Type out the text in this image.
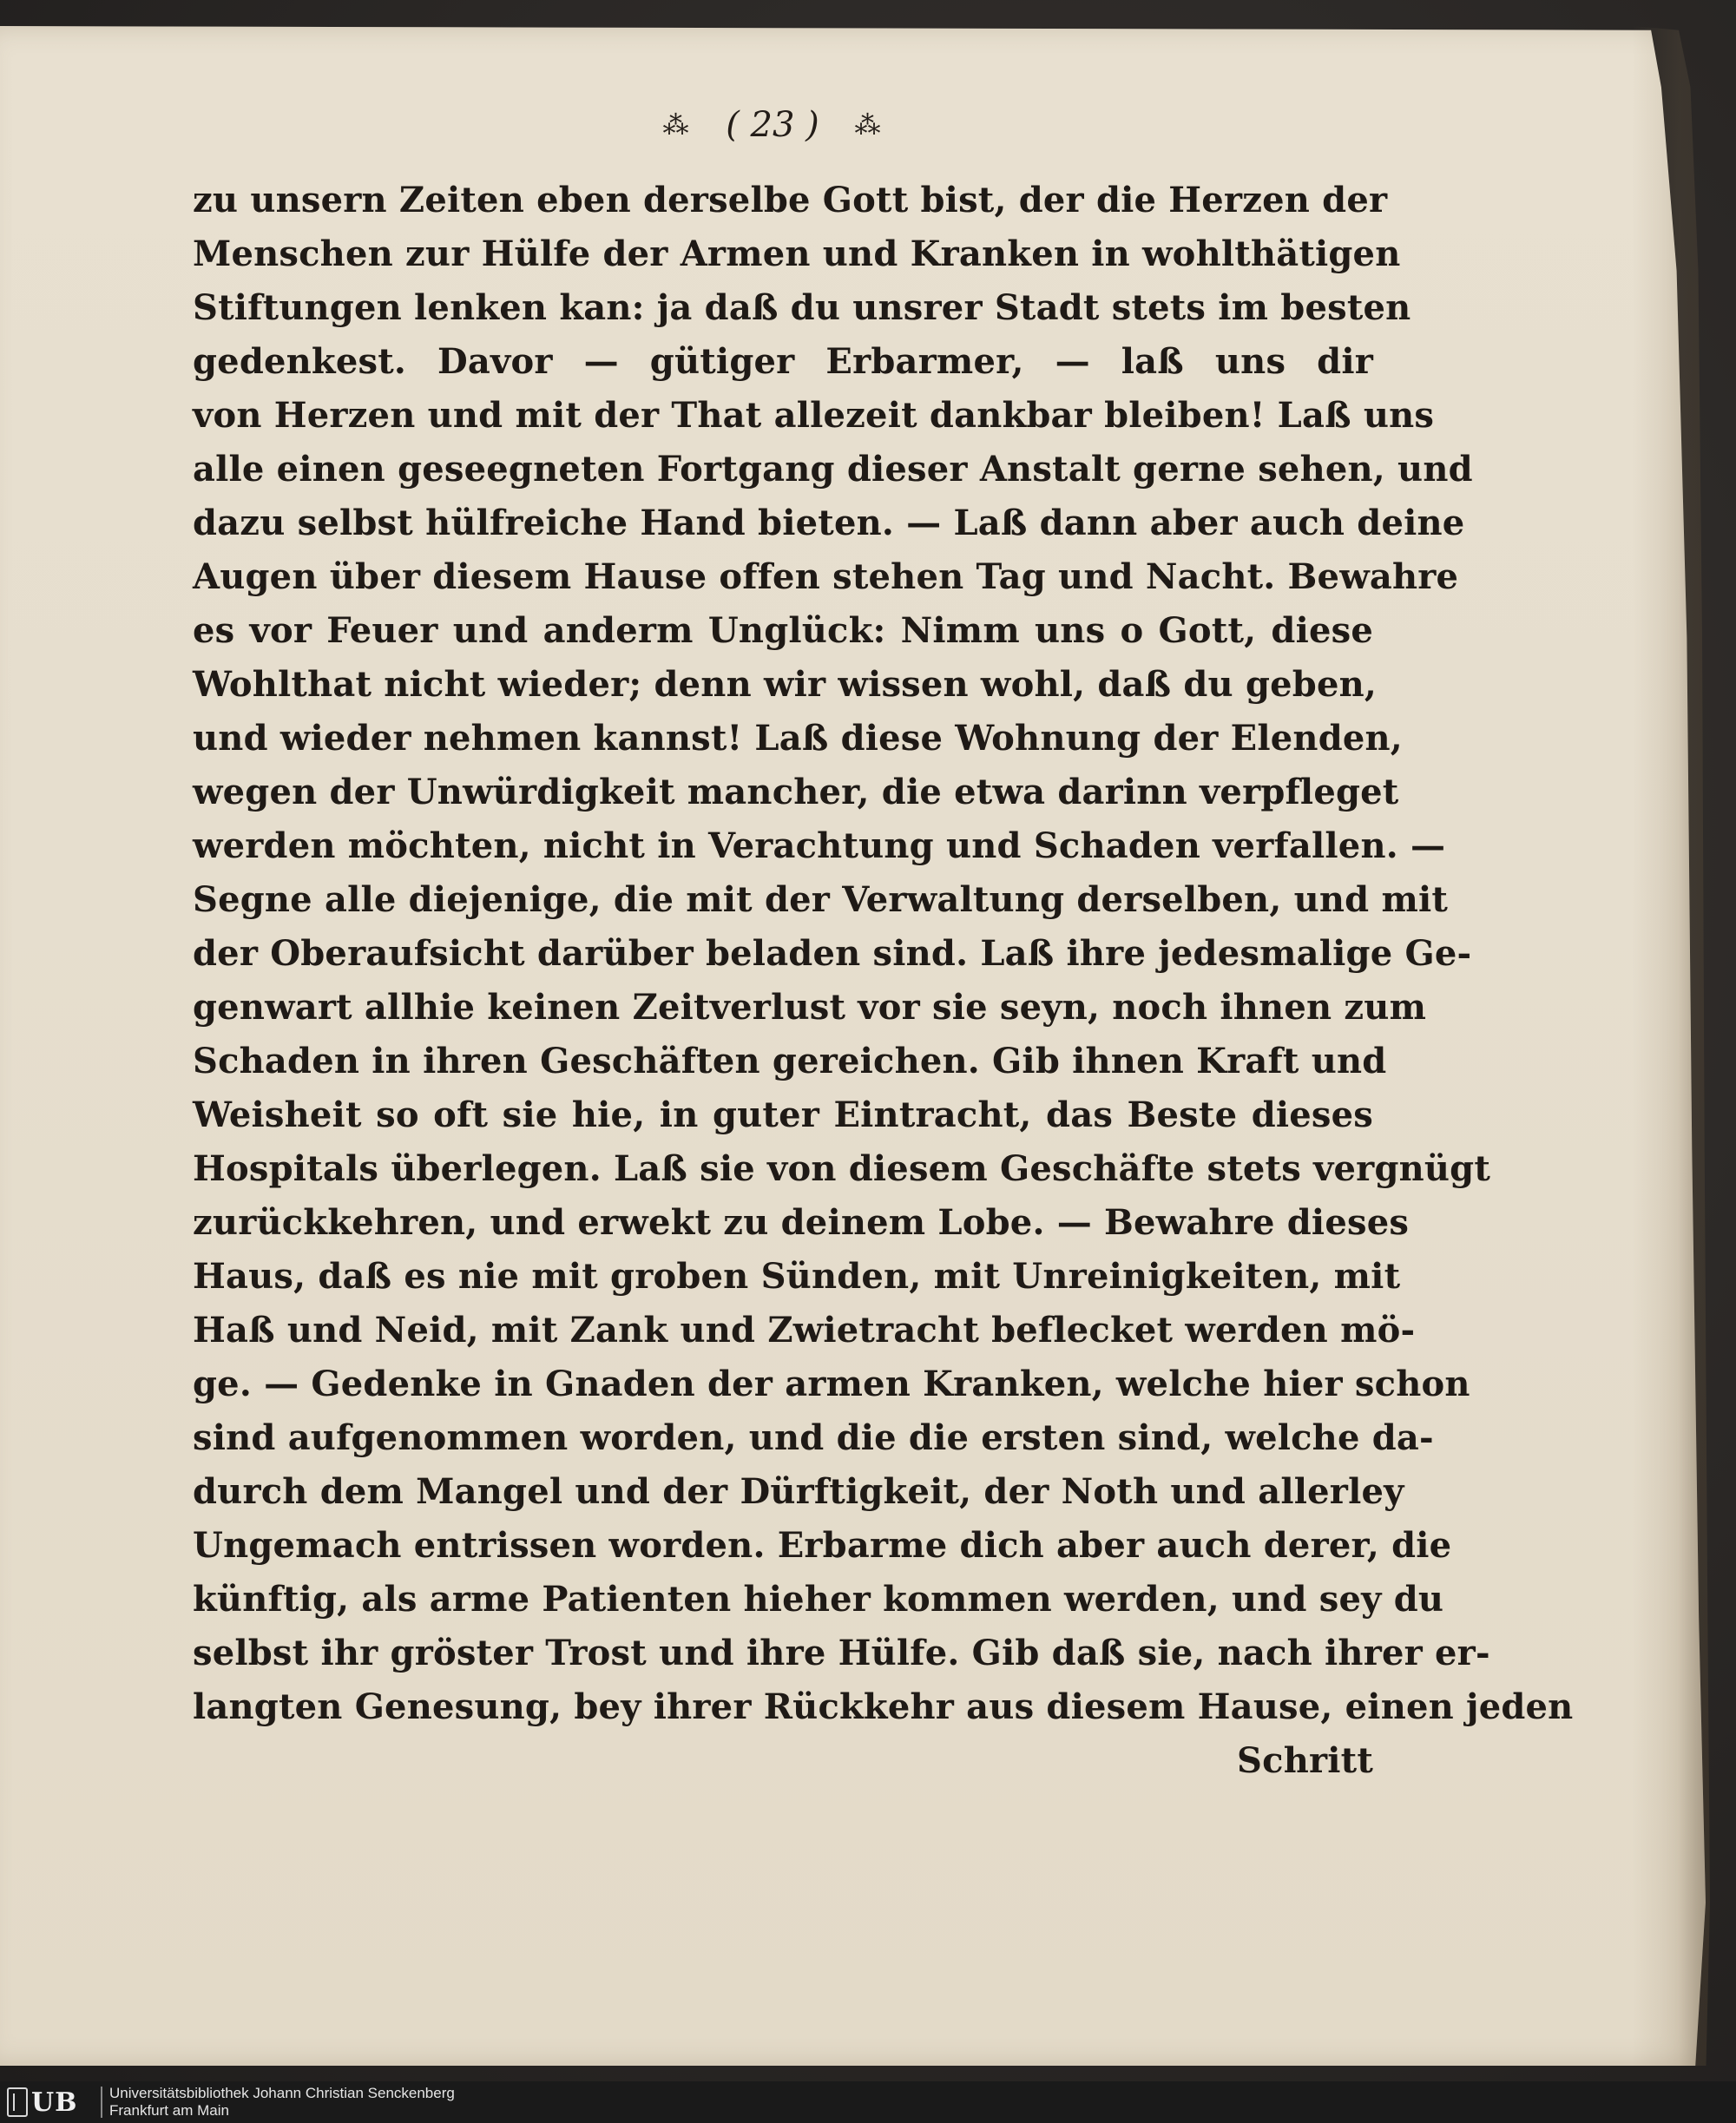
⁂ ( 23 ) ⁂
zu unsern Zeiten eben derselbe Gott bist, der die Herzen der
Menschen zur Hülfe der Armen und Kranken in wohlthätigen
Stiftungen lenken kan: ja daß du unsrer Stadt stets im besten
gedenkest. Davor — gütiger Erbarmer, — laß uns dir
von Herzen und mit der That allezeit dankbar bleiben! Laß uns
alle einen geseegneten Fortgang dieser Anstalt gerne sehen, und
dazu selbst hülfreiche Hand bieten. — Laß dann aber auch deine
Augen über diesem Hause offen stehen Tag und Nacht. Bewahre
es vor Feuer und anderm Unglück: Nimm uns o Gott, diese
Wohlthat nicht wieder; denn wir wissen wohl, daß du geben,
und wieder nehmen kannst! Laß diese Wohnung der Elenden,
wegen der Unwürdigkeit mancher, die etwa darinn verpfleget
werden möchten, nicht in Verachtung und Schaden verfallen. —
Segne alle diejenige, die mit der Verwaltung derselben, und mit
der Oberaufsicht darüber beladen sind. Laß ihre jedesmalige Ge-
genwart allhie keinen Zeitverlust vor sie seyn, noch ihnen zum
Schaden in ihren Geschäften gereichen. Gib ihnen Kraft und
Weisheit so oft sie hie, in guter Eintracht, das Beste dieses
Hospitals überlegen. Laß sie von diesem Geschäfte stets vergnügt
zurückkehren, und erwekt zu deinem Lobe. — Bewahre dieses
Haus, daß es nie mit groben Sünden, mit Unreinigkeiten, mit
Haß und Neid, mit Zank und Zwietracht beflecket werden mö-
ge. — Gedenke in Gnaden der armen Kranken, welche hier schon
sind aufgenommen worden, und die die ersten sind, welche da-
durch dem Mangel und der Dürftigkeit, der Noth und allerley
Ungemach entrissen worden. Erbarme dich aber auch derer, die
künftig, als arme Patienten hieher kommen werden, und sey du
selbst ihr gröster Trost und ihre Hülfe. Gib daß sie, nach ihrer er-
langten Genesung, bey ihrer Rückkehr aus diesem Hause, einen jeden
Schritt
UB Universitätsbibliothek Johann Christian Senckenberg
Frankfurt am Main
